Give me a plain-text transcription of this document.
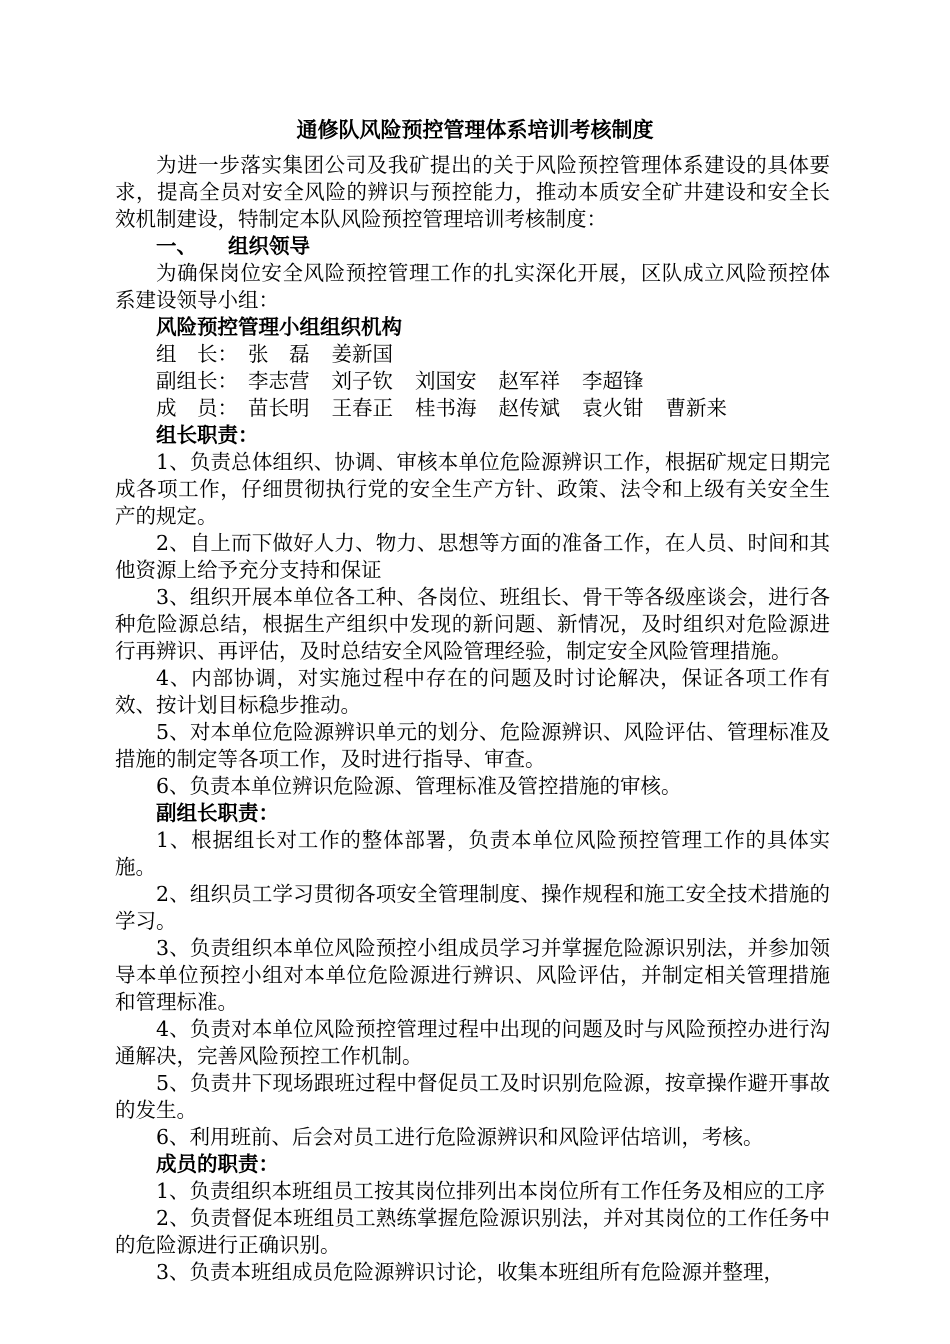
通修队风险预控管理体系培训考核制度

为进一步落实集团公司及我矿提出的关于风险预控管理体系建设的具体要求，提高全员对安全风险的辨识与预控能力，推动本质安全矿井建设和安全长效机制建设，特制定本队风险预控管理培训考核制度：

一、 组织领导

为确保岗位安全风险预控管理工作的扎实深化开展，区队成立风险预控体系建设领导小组：

风险预控管理小组组织机构

组　长： 张　磊 姜新国

副组长： 李志营 刘子钦 刘国安 赵军祥 李超锋

成　员： 苗长明 王春正 桂书海 赵传斌 袁火钳 曹新来

组长职责：

1、负责总体组织、协调、审核本单位危险源辨识工作，根据矿规定日期完成各项工作，仔细贯彻执行党的安全生产方针、政策、法令和上级有关安全生产的规定。

2、自上而下做好人力、物力、思想等方面的准备工作，在人员、时间和其他资源上给予充分支持和保证

3、组织开展本单位各工种、各岗位、班组长、骨干等各级座谈会，进行各种危险源总结，根据生产组织中发现的新问题、新情况，及时组织对危险源进行再辨识、再评估，及时总结安全风险管理经验，制定安全风险管理措施。

4、内部协调，对实施过程中存在的问题及时讨论解决，保证各项工作有效、按计划目标稳步推动。

5、对本单位危险源辨识单元的划分、危险源辨识、风险评估、管理标准及措施的制定等各项工作，及时进行指导、审查。

6、负责本单位辨识危险源、管理标准及管控措施的审核。

副组长职责：

1、根据组长对工作的整体部署，负责本单位风险预控管理工作的具体实施。

2、组织员工学习贯彻各项安全管理制度、操作规程和施工安全技术措施的学习。

3、负责组织本单位风险预控小组成员学习并掌握危险源识别法，并参加领导本单位预控小组对本单位危险源进行辨识、风险评估，并制定相关管理措施和管理标准。

4、负责对本单位风险预控管理过程中出现的问题及时与风险预控办进行沟通解决，完善风险预控工作机制。

5、负责井下现场跟班过程中督促员工及时识别危险源，按章操作避开事故的发生。

6、利用班前、后会对员工进行危险源辨识和风险评估培训，考核。

成员的职责：

1、负责组织本班组员工按其岗位排列出本岗位所有工作任务及相应的工序

2、负责督促本班组员工熟练掌握危险源识别法，并对其岗位的工作任务中的危险源进行正确识别。

3、负责本班组成员危险源辨识讨论，收集本班组所有危险源并整理，
